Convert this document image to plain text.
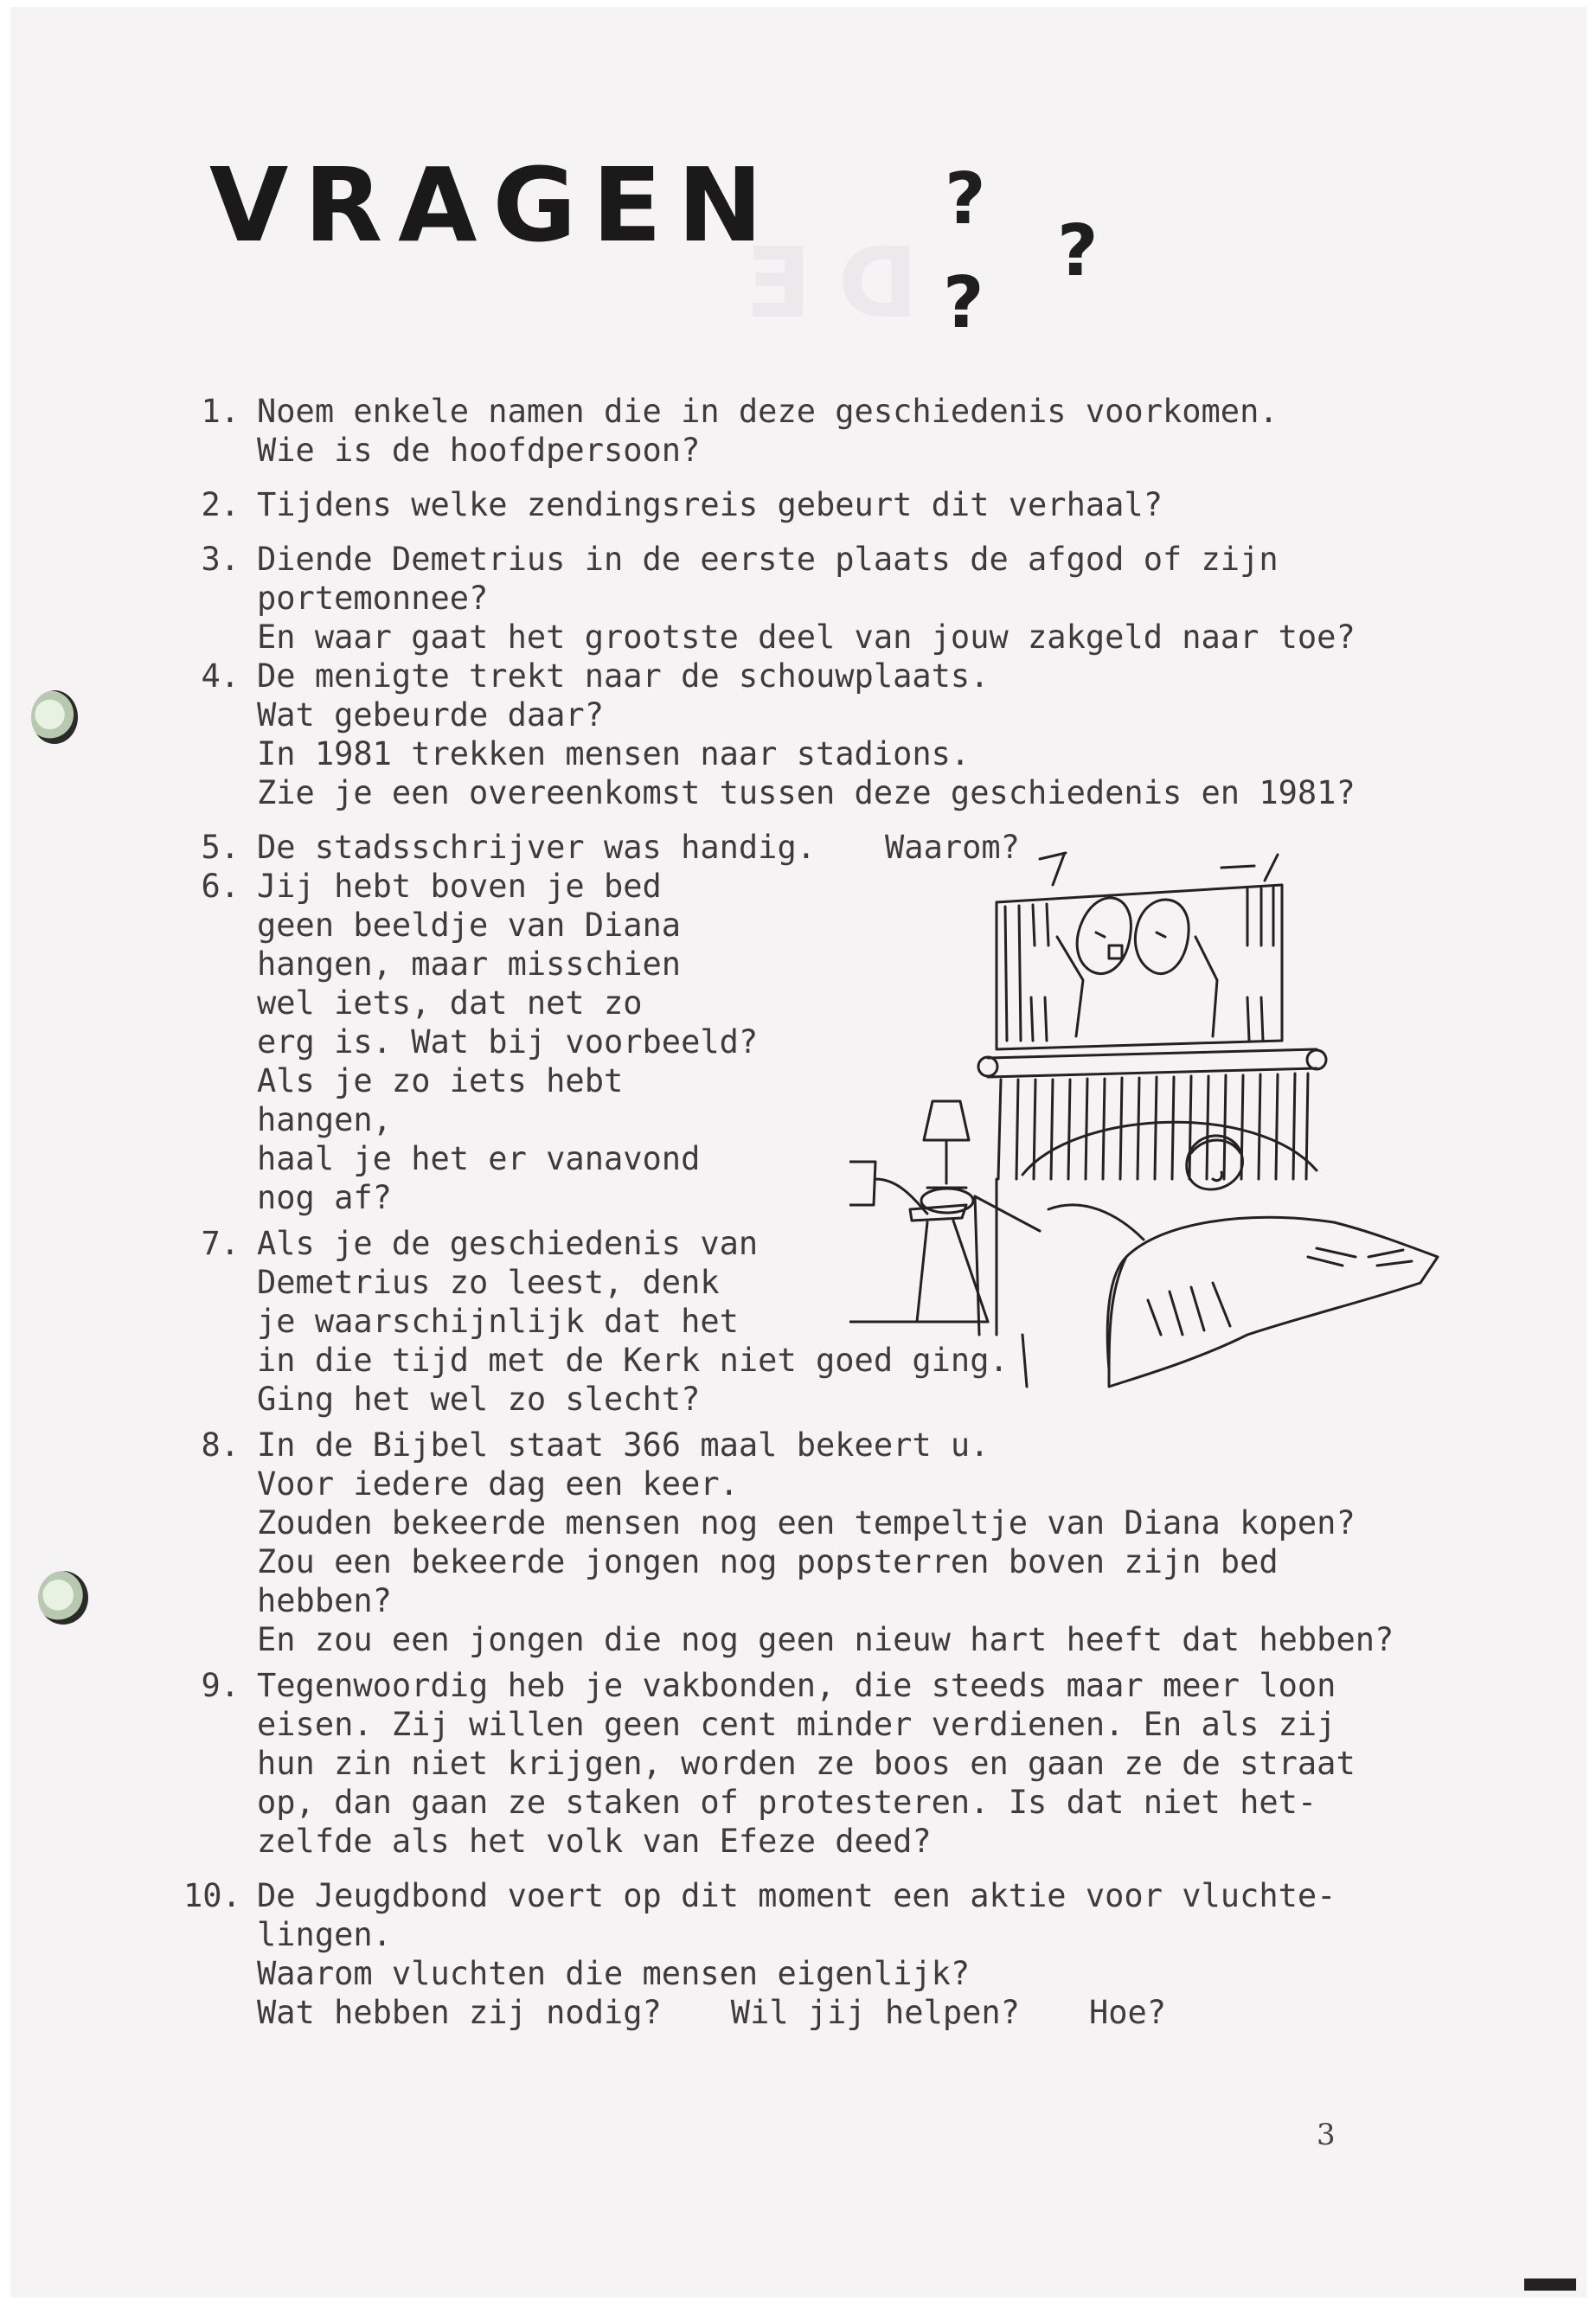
DE
VRAGEN ?
?
?
1. Noem enkele namen die in deze geschiedenis voorkomen.

Wie is de hoofdpersoon?

2. Tijdens welke zendingsreis gebeurt dit verhaal?

3. Diende Demetrius in de eerste plaats de afgod of zijn

portemonnee?

En waar gaat het grootste deel van jouw zakgeld naar toe?

4. De menigte trekt naar de schouwplaats.

Wat gebeurde daar?

In 1981 trekken mensen naar stadions.

Zie je een overeenkomst tussen deze geschiedenis en 1981?

5. De stadsschrijver was handig. Waarom?

6. Jij hebt boven je bed

geen beeldje van Diana

hangen, maar misschien

wel iets, dat net zo

erg is. Wat bij voorbeeld?

Als je zo iets hebt hangen,

haal je het er vanavond

nog af?

7. Als je de geschiedenis van

Demetrius zo leest, denk

je waarschijnlijk dat het

in die tijd met de Kerk niet goed ging.

Ging het wel zo slecht?

8. In de Bijbel staat 366 maal bekeert u.

Voor iedere dag een keer.

Zouden bekeerde mensen nog een tempeltje van Diana kopen?

Zou een bekeerde jongen nog popsterren boven zijn bed

hebben?

En zou een jongen die nog geen nieuw hart heeft dat hebben?

9. Tegenwoordig heb je vakbonden, die steeds maar meer loon

eisen. Zij willen geen cent minder verdienen. En als zij

hun zin niet krijgen, worden ze boos en gaan ze de straat

op, dan gaan ze staken of protesteren. Is dat niet het-

zelfde als het volk van Efeze deed?

10. De Jeugdbond voert op dit moment een aktie voor vluchte-

lingen.

Waarom vluchten die mensen eigenlijk?

Wat hebben zij nodig? Wil jij helpen? Hoe?

3
